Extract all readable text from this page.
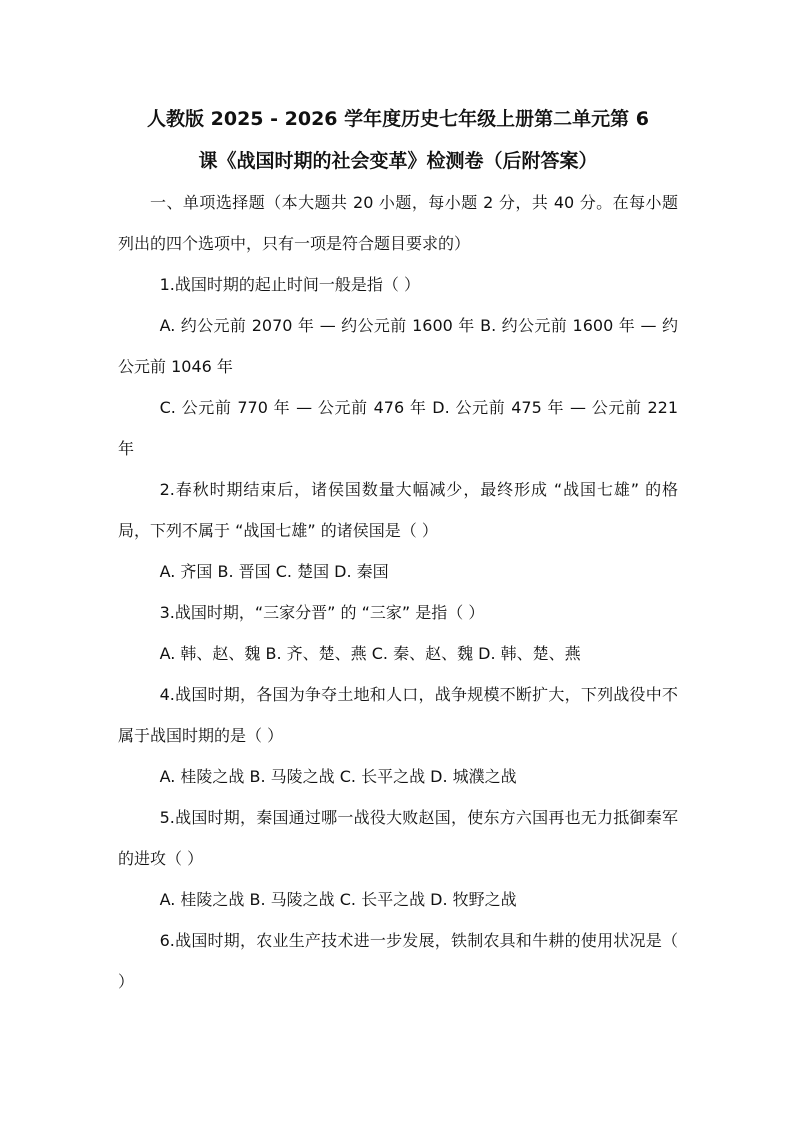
人教版 2025 - 2026 学年度历史七年级上册第二单元第 6

课《战国时期的社会变革》检测卷（后附答案）

一、单项选择题（本大题共 20 小题，每小题 2 分，共 40 分。在每小题列出的四个选项中，只有一项是符合题目要求的）

1.战国时期的起止时间一般是指（ ）

A. 约公元前 2070 年 — 约公元前 1600 年 B. 约公元前 1600 年 — 约公元前 1046 年

C. 公元前 770 年 — 公元前 476 年 D. 公元前 475 年 — 公元前 221 年

2.春秋时期结束后，诸侯国数量大幅减少，最终形成 “战国七雄” 的格局，下列不属于 “战国七雄” 的诸侯国是（ ）

A. 齐国 B. 晋国 C. 楚国 D. 秦国

3.战国时期，“三家分晋” 的 “三家” 是指（ ）

A. 韩、赵、魏 B. 齐、楚、燕 C. 秦、赵、魏 D. 韩、楚、燕

4.战国时期，各国为争夺土地和人口，战争规模不断扩大，下列战役中不属于战国时期的是（ ）

A. 桂陵之战 B. 马陵之战 C. 长平之战 D. 城濮之战

5.战国时期，秦国通过哪一战役大败赵国，使东方六国再也无力抵御秦军的进攻（ ）

A. 桂陵之战 B. 马陵之战 C. 长平之战 D. 牧野之战

6.战国时期，农业生产技术进一步发展，铁制农具和牛耕的使用状况是（ ）
